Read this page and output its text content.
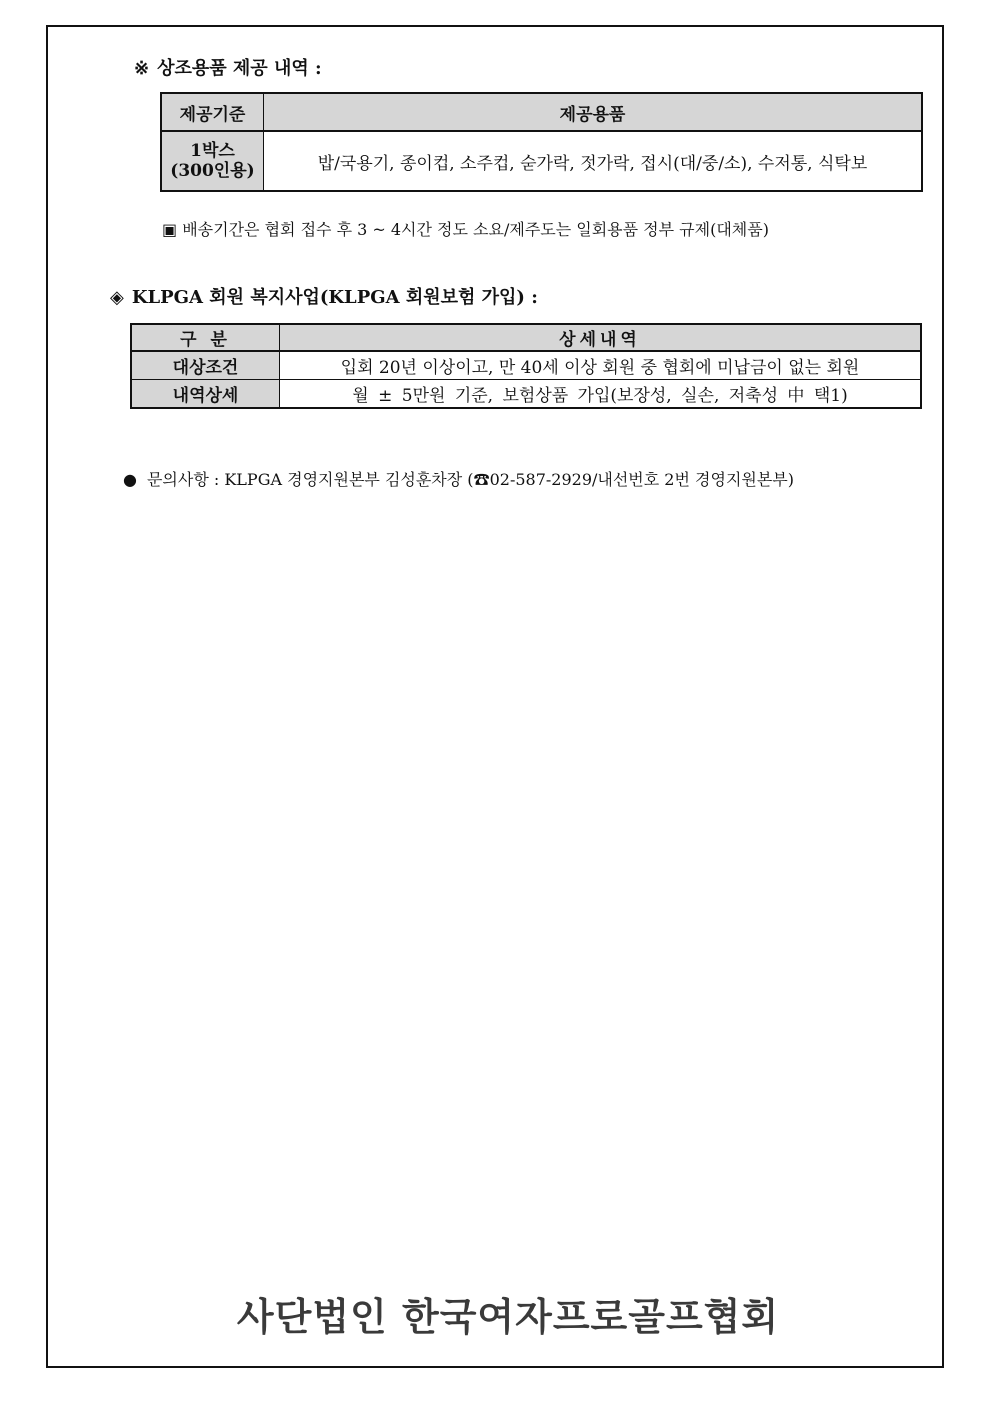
※ 상조용품 제공 내역 :
제공기준	제공용품

1박스
(300인용)	밥/국용기, 종이컵, 소주컵, 숟가락, 젓가락, 접시(대/중/소), 수저통, 식탁보
▣ 배송기간은 협회 접수 후 3 ~ 4시간 정도 소요/제주도는 일회용품 정부 규제(대체품)
◈ KLPGA 회원 복지사업(KLPGA 회원보험 가입) :
구 분	상세내역
대상조건	입회 20년 이상이고, 만 40세 이상 회원 중 협회에 미납금이 없는 회원
내역상세	월 ± 5만원 기준, 보험상품 가입(보장성, 실손, 저축성 中 택1)
● 문의사항 : KLPGA 경영지원본부 김성훈차장 (☎02-587-2929/내선번호 2번 경영지원본부)
사단법인 한국여자프로골프협회
